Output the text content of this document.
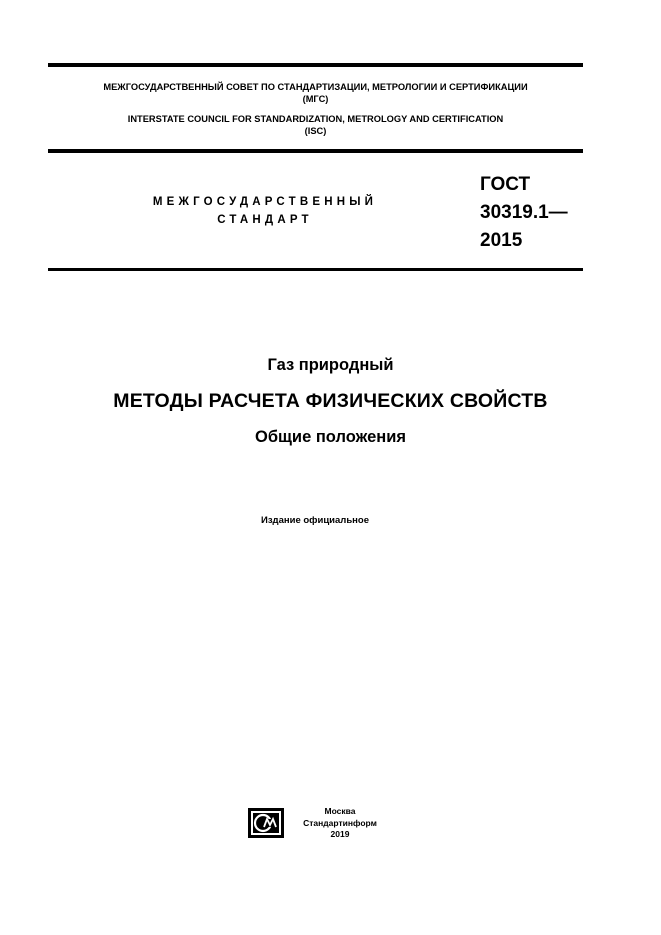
МЕЖГОСУДАРСТВЕННЫЙ СОВЕТ ПО СТАНДАРТИЗАЦИИ, МЕТРОЛОГИИ И СЕРТИФИКАЦИИ
(МГС)
INTERSTATE COUNCIL FOR STANDARDIZATION, METROLOGY AND CERTIFICATION
(ISC)
МЕЖГОСУДАРСТВЕННЫЙ
СТАНДАРТ
ГОСТ
30319.1—
2015
Газ природный
МЕТОДЫ РАСЧЕТА ФИЗИЧЕСКИХ СВОЙСТВ
Общие положения
Издание официальное
Москва
Стандартинформ
2019
